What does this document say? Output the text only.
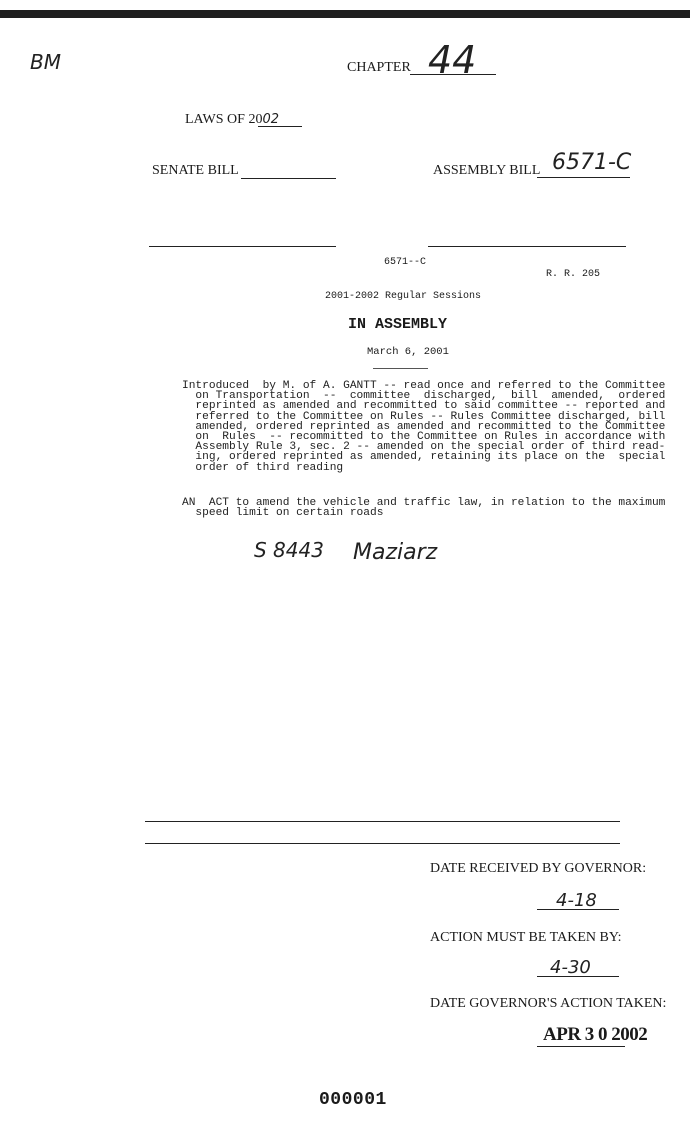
BM	CHAPTER 44
LAWS OF 2002
SENATE BILL	ASSEMBLY BILL 6571-C
6571--C
R. R. 205
2001-2002 Regular Sessions
IN ASSEMBLY
March 6, 2001
Introduced  by M. of A. GANTT -- read once and referred to the Committee
on Transportation  --  committee  discharged,  bill  amended,  ordered
reprinted as amended and recommitted to said committee -- reported and
referred to the Committee on Rules -- Rules Committee discharged, bill
amended, ordered reprinted as amended and recommitted to the Committee
on  Rules  -- recommitted to the Committee on Rules in accordance with
Assembly Rule 3, sec. 2 -- amended on the special order of third read-
ing, ordered reprinted as amended, retaining its place on the  special
order of third reading
AN  ACT to amend the vehicle and traffic law, in relation to the maximum
speed limit on certain roads
S 8443 Maziarz
DATE RECEIVED BY GOVERNOR:
4-18
ACTION MUST BE TAKEN BY:
4-30
DATE GOVERNOR'S ACTION TAKEN:
APR 3 0 2002
000001
